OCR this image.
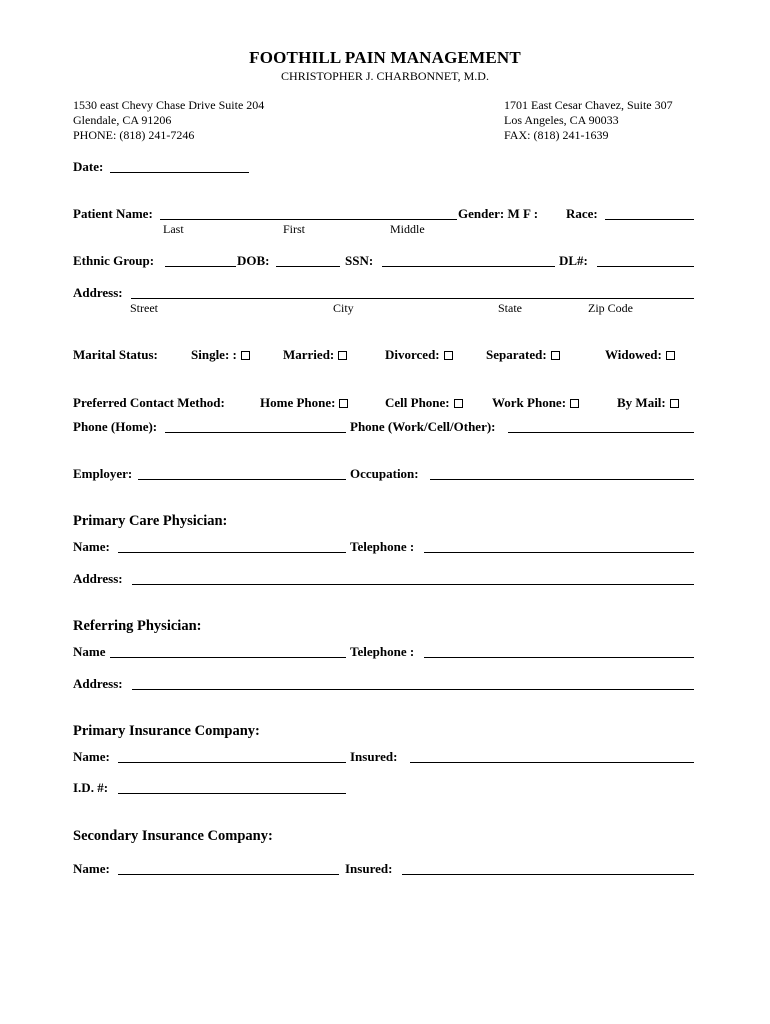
FOOTHILL PAIN MANAGEMENT
CHRISTOPHER J. CHARBONNET, M.D.
1530 east Chevy Chase Drive Suite 204
Glendale, CA 91206
PHONE: (818) 241-7246
1701 East Cesar Chavez, Suite 307
Los Angeles, CA 90033
FAX: (818) 241-1639
Date:
Patient Name:	Gender: M F : Race:
Last	First	Middle
Ethnic Group:	DOB:	SSN:	DL#:
Address:
Street	City	State	Zip Code
Marital Status:	Single: :	Married:	Divorced:	Separated:	Widowed:
Preferred Contact Method:	Home Phone:	Cell Phone:	Work Phone:	By Mail:
Phone (Home):	Phone (Work/Cell/Other):
Employer:	Occupation:
Primary Care Physician:
Name:	Telephone :
Address:
Referring Physician:
Name	Telephone :
Address:
Primary Insurance Company:
Name:	Insured:
I.D. #:
Secondary Insurance Company:
Name:	Insured:
